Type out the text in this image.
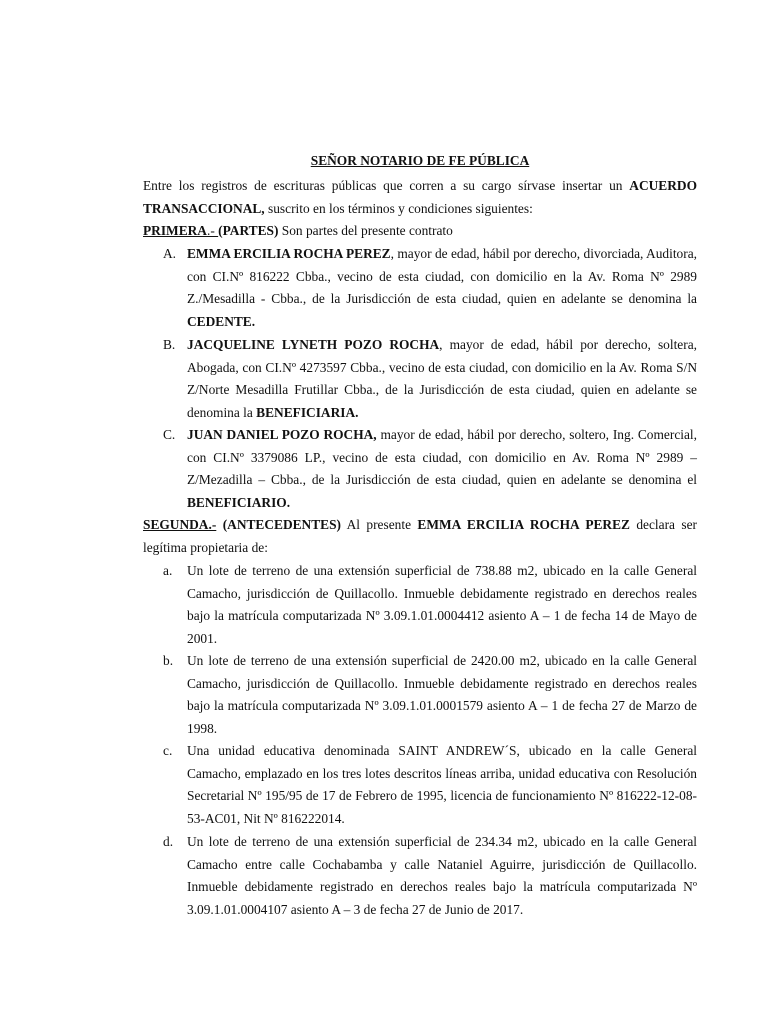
SEÑOR NOTARIO DE FE PÚBLICA
Entre los registros de escrituras públicas que corren a su cargo sírvase insertar un ACUERDO TRANSACCIONAL, suscrito en los términos y condiciones siguientes:
PRIMERA.- (PARTES) Son partes del presente contrato
A. EMMA ERCILIA ROCHA PEREZ, mayor de edad, hábil por derecho, divorciada, Auditora, con CI.Nº 816222 Cbba., vecino de esta ciudad, con domicilio en la Av. Roma Nº 2989 Z./Mesadilla - Cbba., de la Jurisdicción de esta ciudad, quien en adelante se denomina la CEDENTE.
B. JACQUELINE LYNETH POZO ROCHA, mayor de edad, hábil por derecho, soltera, Abogada, con CI.Nº 4273597 Cbba., vecino de esta ciudad, con domicilio en la Av. Roma S/N Z/Norte Mesadilla Frutillar Cbba., de la Jurisdicción de esta ciudad, quien en adelante se denomina la BENEFICIARIA.
C. JUAN DANIEL POZO ROCHA, mayor de edad, hábil por derecho, soltero, Ing. Comercial, con CI.Nº 3379086 LP., vecino de esta ciudad, con domicilio en Av. Roma Nº 2989 – Z/Mezadilla – Cbba., de la Jurisdicción de esta ciudad, quien en adelante se denomina el BENEFICIARIO.
SEGUNDA.- (ANTECEDENTES) Al presente EMMA ERCILIA ROCHA PEREZ declara ser legítima propietaria de:
a. Un lote de terreno de una extensión superficial de 738.88 m2, ubicado en la calle General Camacho, jurisdicción de Quillacollo. Inmueble debidamente registrado en derechos reales bajo la matrícula computarizada Nº 3.09.1.01.0004412 asiento A – 1 de fecha 14 de Mayo de 2001.
b. Un lote de terreno de una extensión superficial de 2420.00 m2, ubicado en la calle General Camacho, jurisdicción de Quillacollo. Inmueble debidamente registrado en derechos reales bajo la matrícula computarizada Nº 3.09.1.01.0001579 asiento A – 1 de fecha 27 de Marzo de 1998.
c. Una unidad educativa denominada SAINT ANDREW´S, ubicado en la calle General Camacho, emplazado en los tres lotes descritos líneas arriba, unidad educativa con Resolución Secretarial Nº 195/95 de 17 de Febrero de 1995, licencia de funcionamiento Nº 816222-12-08-53-AC01, Nit Nº 816222014.
d. Un lote de terreno de una extensión superficial de 234.34 m2, ubicado en la calle General Camacho entre calle Cochabamba y calle Nataniel Aguirre, jurisdicción de Quillacollo. Inmueble debidamente registrado en derechos reales bajo la matrícula computarizada Nº 3.09.1.01.0004107 asiento A – 3 de fecha 27 de Junio de 2017.
